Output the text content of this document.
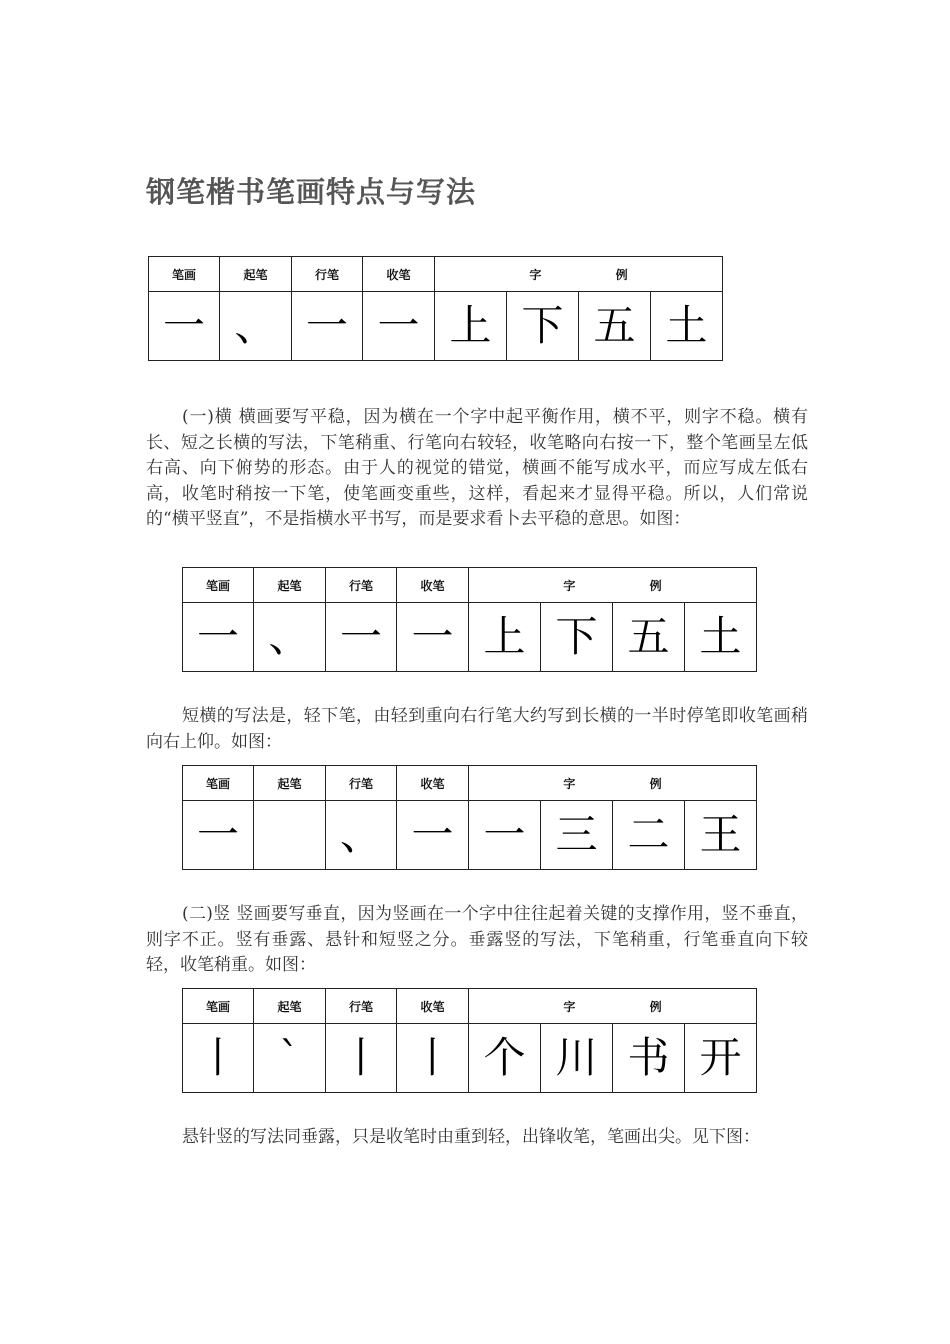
钢笔楷书笔画特点与写法
笔画	起笔	行笔	收笔	字 例			
一	、	一	一	上	下	五	土

(一)横 横画要写平稳，因为横在一个字中起平衡作用，横不平，则字不稳。横有长、短之长横的写法，下笔稍重、行笔向右较轻，收笔略向右按一下，整个笔画呈左低右高、向下俯势的形态。由于人的视觉的错觉，横画不能写成水平，而应写成左低右高，收笔时稍按一下笔，使笔画变重些，这样，看起来才显得平稳。所以，人们常说的“横平竖直”，不是指横水平书写，而是要求看卜去平稳的意思。如图：

笔画	起笔	行笔	收笔	字 例			
一	、	一	一	上	下	五	土

短横的写法是，轻下笔，由轻到重向右行笔大约写到长横的一半时停笔即收笔画稍向右上仰。如图：

笔画	起笔	行笔	收笔	字 例			
一		、	一	一	三	二	王

(二)竖 竖画要写垂直，因为竖画在一个字中往往起着关键的支撑作用，竖不垂直，则字不正。竖有垂露、悬针和短竖之分。垂露竖的写法，下笔稍重，行笔垂直向下较轻，收笔稍重。如图：

笔画	起笔	行笔	收笔	字 例			
丨	`	丨	丨	个	川	书	开

悬针竖的写法同垂露，只是收笔时由重到轻，出锋收笔，笔画出尖。见下图：
